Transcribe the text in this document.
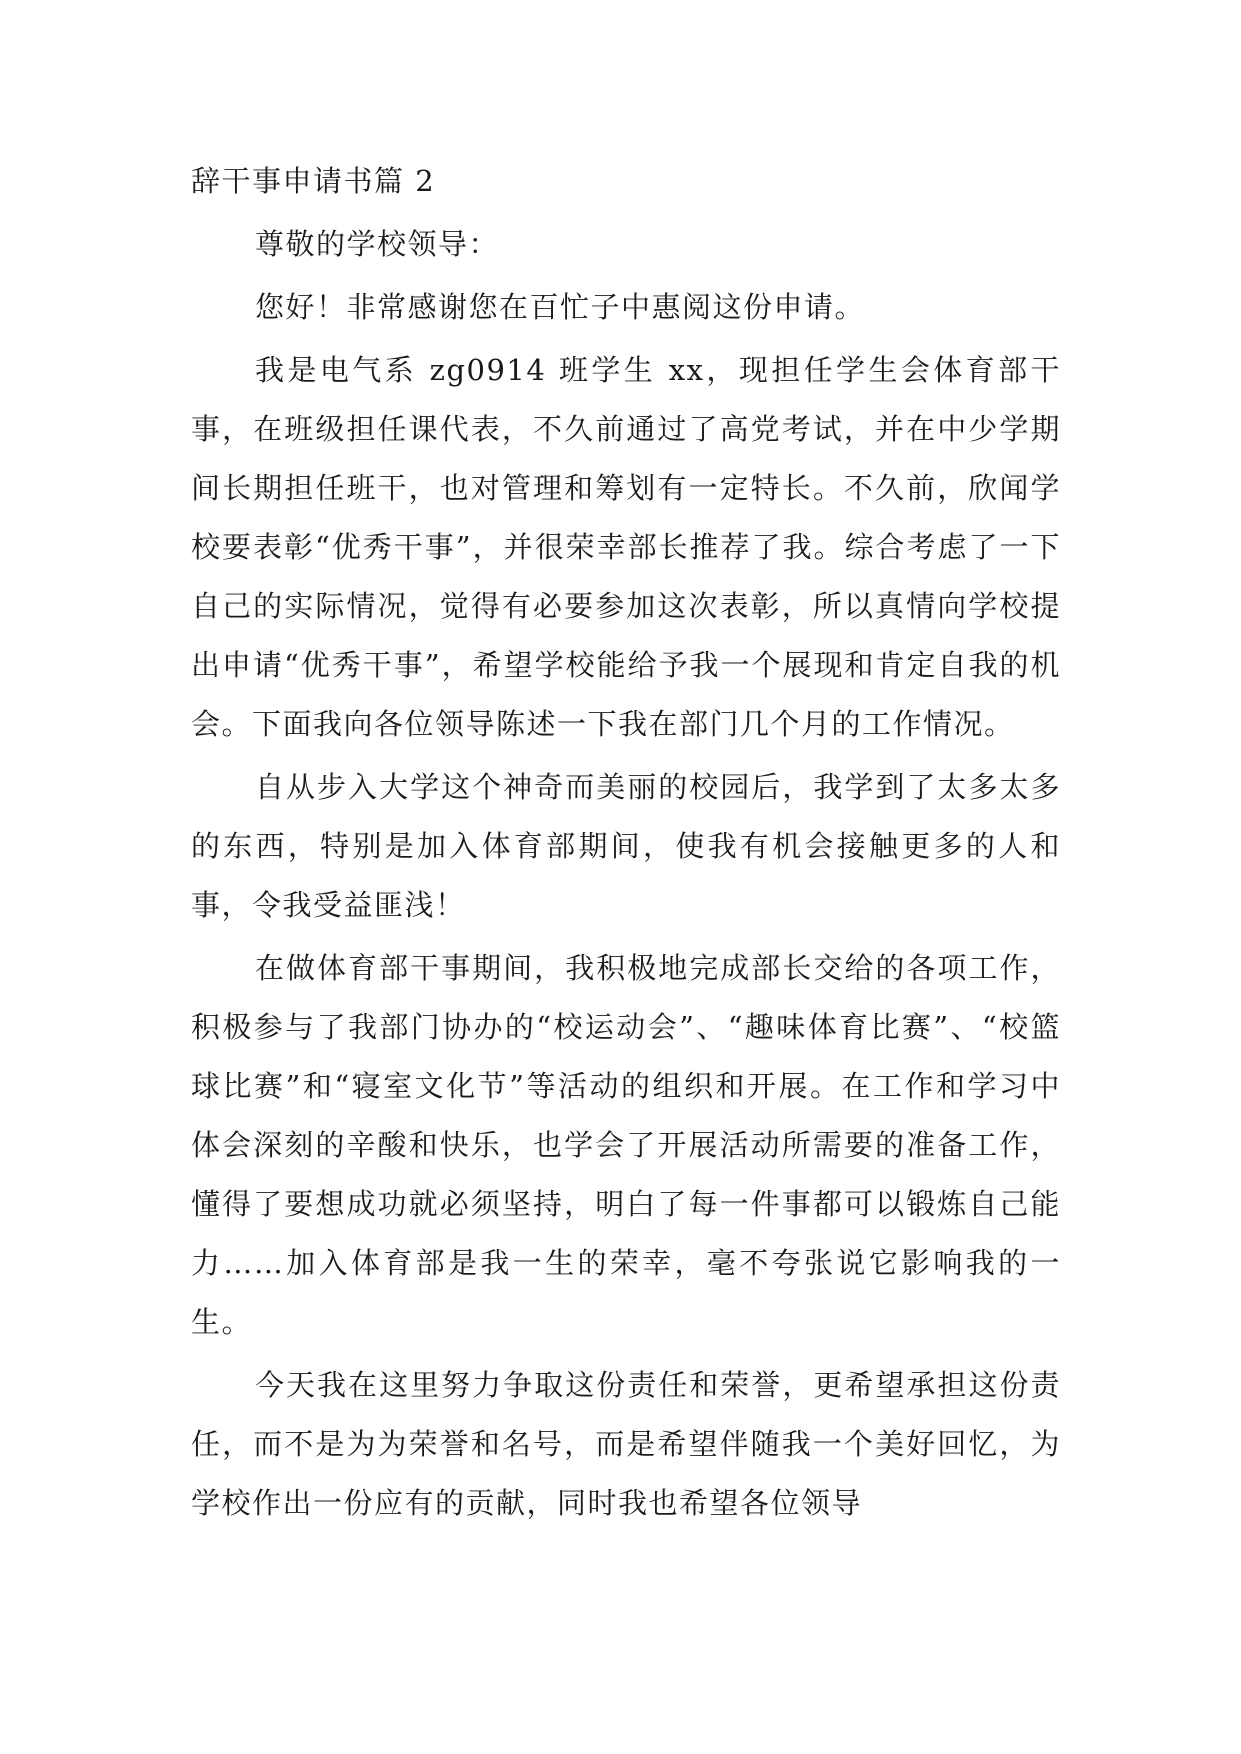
辞干事申请书篇 2

尊敬的学校领导：

您好！非常感谢您在百忙子中惠阅这份申请。

我是电气系 zg0914 班学生 xx，现担任学生会体育部干事，在班级担任课代表，不久前通过了高党考试，并在中少学期间长期担任班干，也对管理和筹划有一定特长。不久前，欣闻学校要表彰“优秀干事”，并很荣幸部长推荐了我。综合考虑了一下自己的实际情况，觉得有必要参加这次表彰，所以真情向学校提出申请“优秀干事”，希望学校能给予我一个展现和肯定自我的机会。下面我向各位领导陈述一下我在部门几个月的工作情况。

自从步入大学这个神奇而美丽的校园后，我学到了太多太多的东西，特别是加入体育部期间，使我有机会接触更多的人和事，令我受益匪浅！

在做体育部干事期间，我积极地完成部长交给的各项工作，积极参与了我部门协办的“校运动会”、“趣味体育比赛”、“校篮球比赛”和“寝室文化节”等活动的组织和开展。在工作和学习中体会深刻的辛酸和快乐，也学会了开展活动所需要的准备工作，懂得了要想成功就必须坚持，明白了每一件事都可以锻炼自己能力……加入体育部是我一生的荣幸，毫不夸张说它影响我的一生。

今天我在这里努力争取这份责任和荣誉，更希望承担这份责任，而不是为为荣誉和名号，而是希望伴随我一个美好回忆，为学校作出一份应有的贡献，同时我也希望各位领导
